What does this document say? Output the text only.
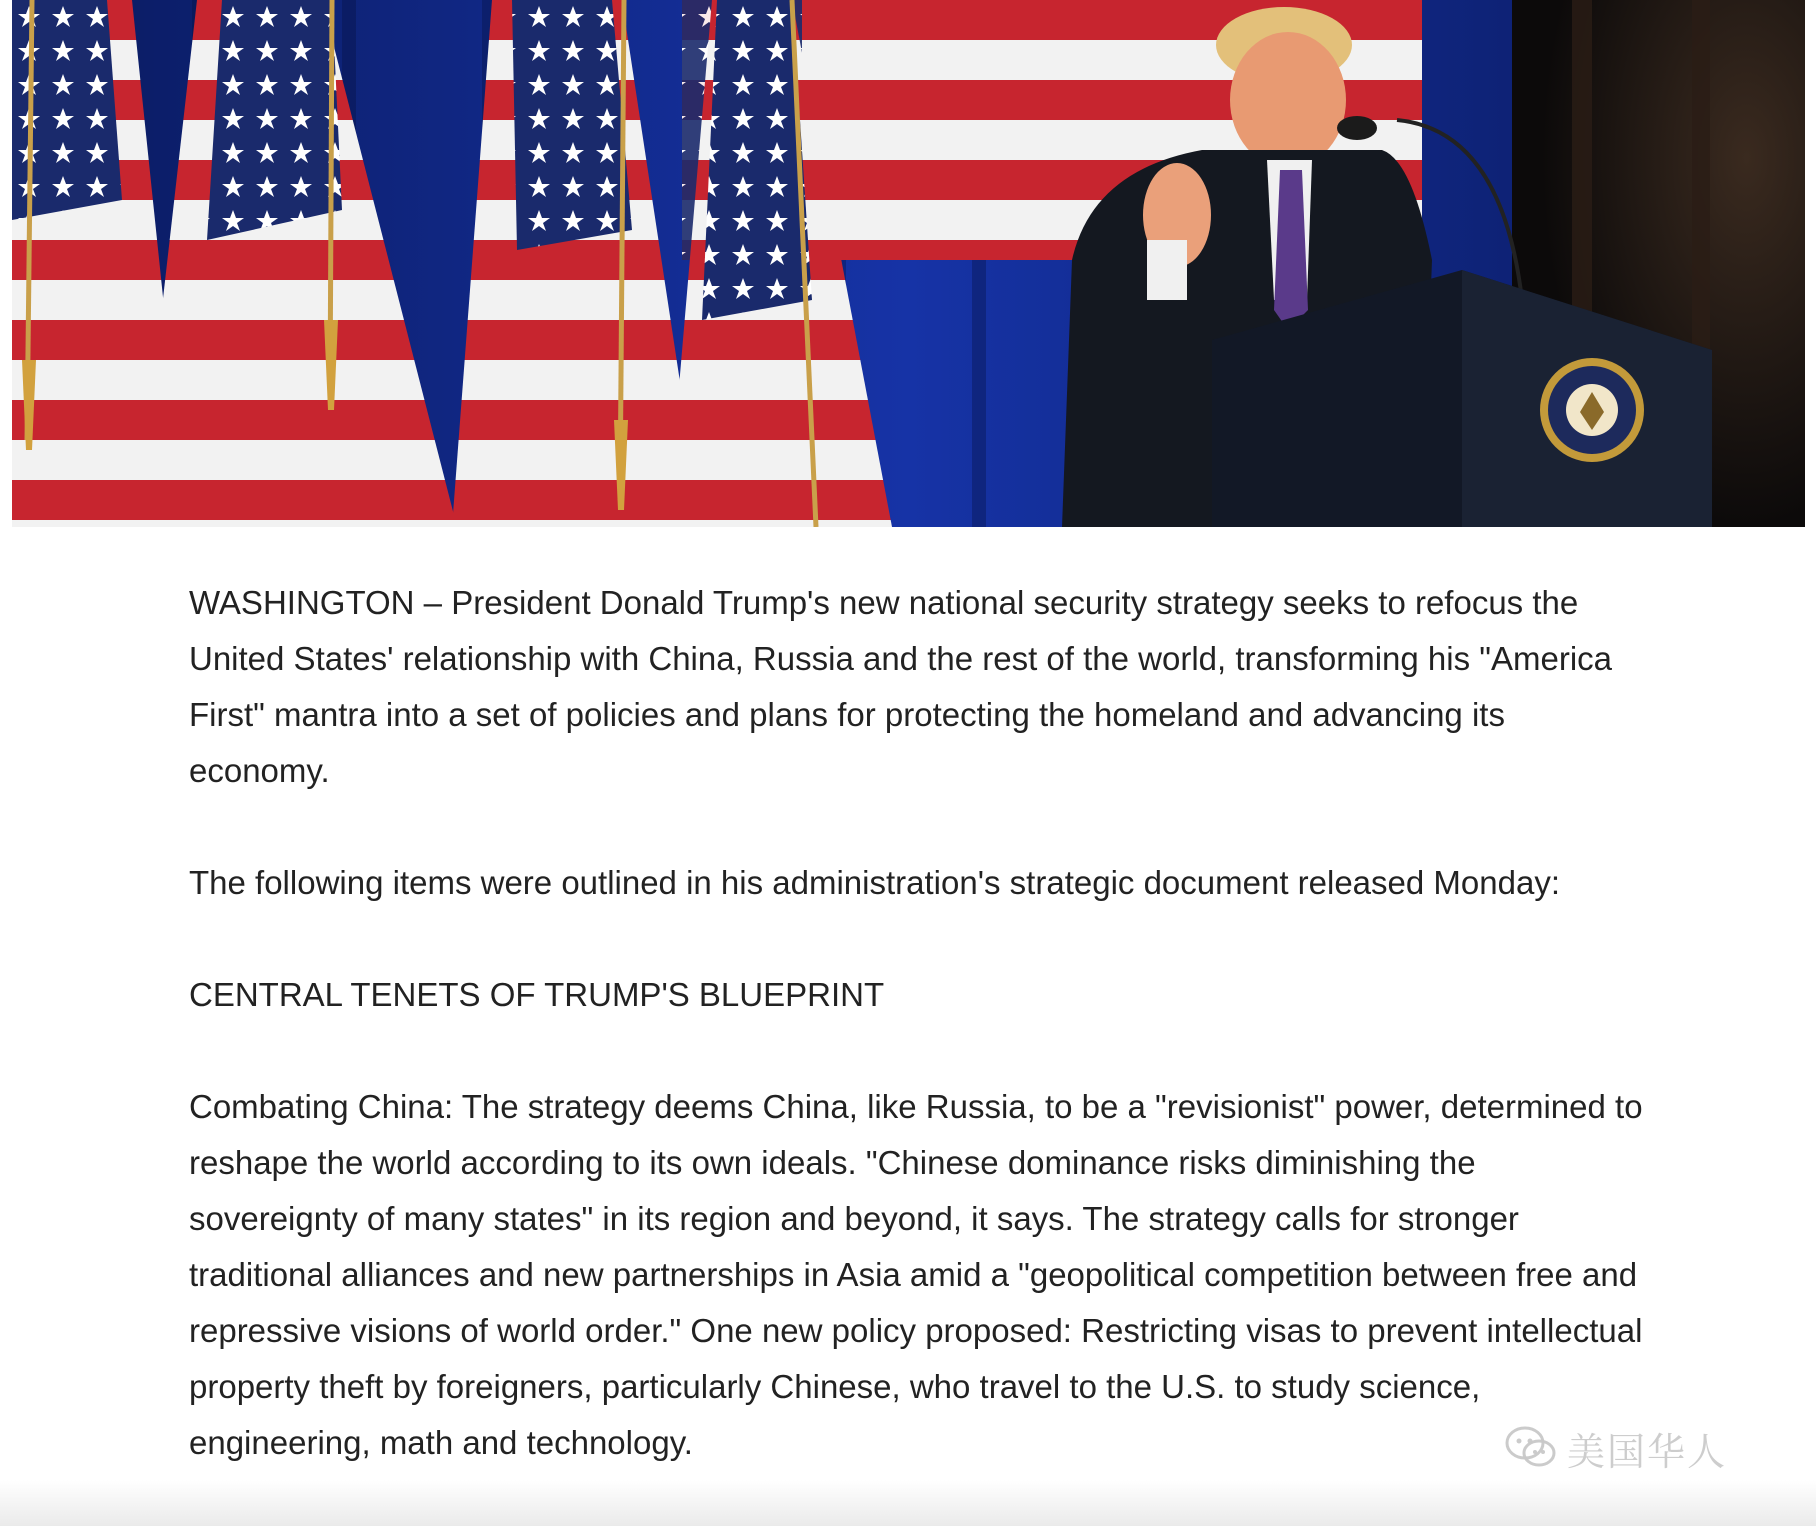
WASHINGTON – President Donald Trump's new national security strategy seeks to refocus the United States' relationship with China, Russia and the rest of the world, transforming his "America First" mantra into a set of policies and plans for protecting the homeland and advancing its economy.

The following items were outlined in his administration's strategic document released Monday:

CENTRAL TENETS OF TRUMP'S BLUEPRINT

Combating China: The strategy deems China, like Russia, to be a "revisionist" power, determined to reshape the world according to its own ideals. "Chinese dominance risks diminishing the sovereignty of many states" in its region and beyond, it says. The strategy calls for stronger traditional alliances and new partnerships in Asia amid a "geopolitical competition between free and repressive visions of world order." One new policy proposed: Restricting visas to prevent intellectual property theft by foreigners, particularly Chinese, who travel to the U.S. to study science, engineering, math and technology.	美国华人
